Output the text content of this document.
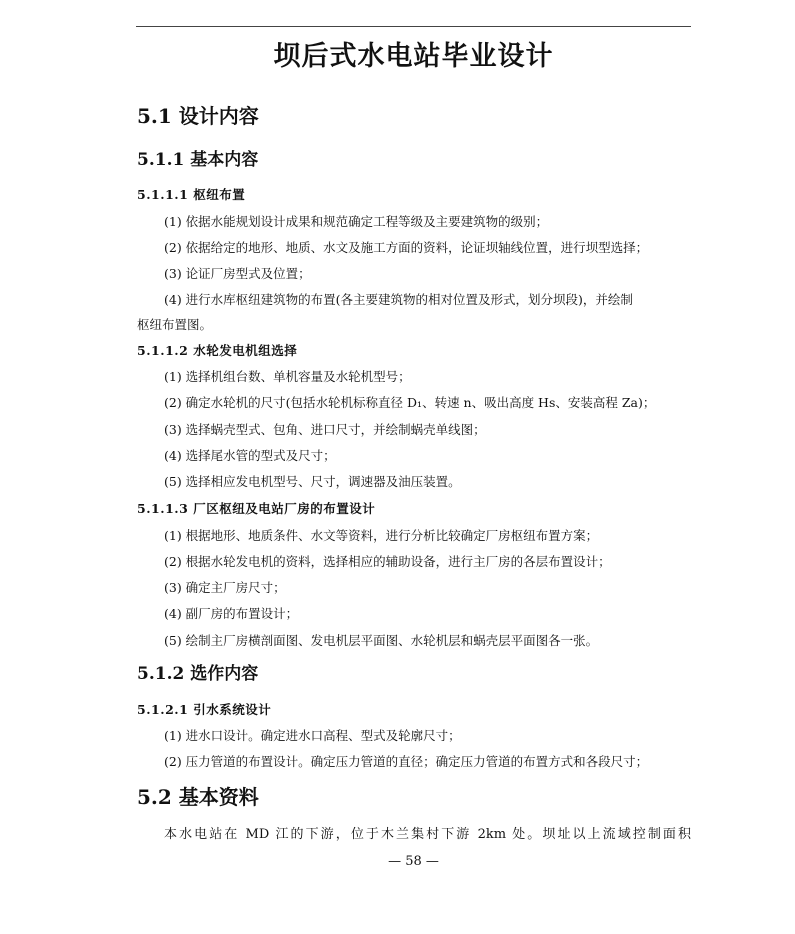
坝后式水电站毕业设计
5.1 设计内容
5.1.1 基本内容
5.1.1.1 枢纽布置
(1) 依据水能规划设计成果和规范确定工程等级及主要建筑物的级别；
(2) 依据给定的地形、地质、水文及施工方面的资料，论证坝轴线位置，进行坝型选择；
(3) 论证厂房型式及位置；
(4) 进行水库枢纽建筑物的布置(各主要建筑物的相对位置及形式，划分坝段)，并绘制
枢纽布置图。
5.1.1.2 水轮发电机组选择
(1) 选择机组台数、单机容量及水轮机型号；
(2) 确定水轮机的尺寸(包括水轮机标称直径 D₁、转速 n、吸出高度 Hs、安装高程 Za)；
(3) 选择蜗壳型式、包角、进口尺寸，并绘制蜗壳单线图；
(4) 选择尾水管的型式及尺寸；
(5) 选择相应发电机型号、尺寸，调速器及油压装置。
5.1.1.3 厂区枢纽及电站厂房的布置设计
(1) 根据地形、地质条件、水文等资料，进行分析比较确定厂房枢纽布置方案；
(2) 根据水轮发电机的资料，选择相应的辅助设备，进行主厂房的各层布置设计；
(3) 确定主厂房尺寸；
(4) 副厂房的布置设计；
(5) 绘制主厂房横剖面图、发电机层平面图、水轮机层和蜗壳层平面图各一张。
5.1.2 选作内容
5.1.2.1 引水系统设计
(1) 进水口设计。确定进水口高程、型式及轮廓尺寸；
(2) 压力管道的布置设计。确定压力管道的直径；确定压力管道的布置方式和各段尺寸；
5.2 基本资料
本水电站在 MD 江的下游，位于木兰集村下游 2km 处。坝址以上流域控制面积
— 58 —
